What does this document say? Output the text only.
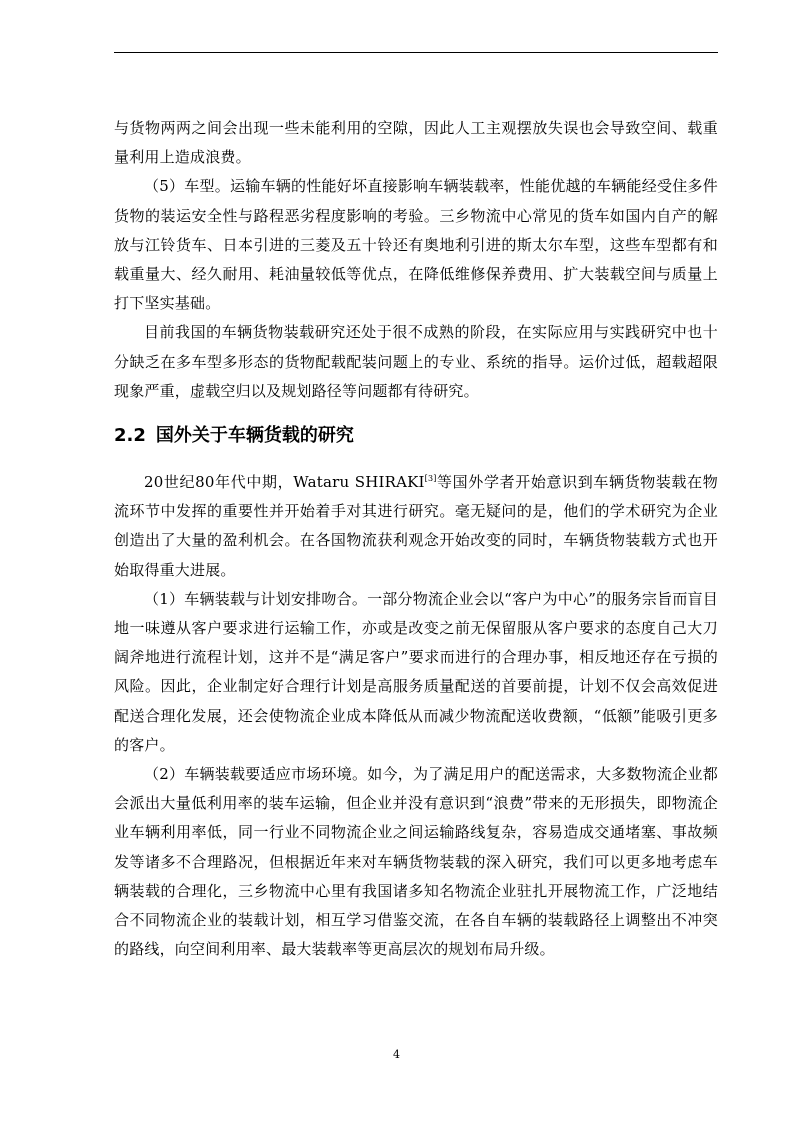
与货物两两之间会出现一些未能利用的空隙，因此人工主观摆放失误也会导致空间、载重量利用上造成浪费。

（5）车型。运输车辆的性能好坏直接影响车辆装载率，性能优越的车辆能经受住多件货物的装运安全性与路程恶劣程度影响的考验。三乡物流中心常见的货车如国内自产的解放与江铃货车、日本引进的三菱及五十铃还有奥地利引进的斯太尔车型，这些车型都有和载重量大、经久耐用、耗油量较低等优点，在降低维修保养费用、扩大装载空间与质量上打下坚实基础。

目前我国的车辆货物装载研究还处于很不成熟的阶段，在实际应用与实践研究中也十分缺乏在多车型多形态的货物配载配装问题上的专业、系统的指导。运价过低，超载超限现象严重，虚载空归以及规划路径等问题都有待研究。

2.2 国外关于车辆货载的研究

20世纪80年代中期，Wataru SHIRAKI[3]等国外学者开始意识到车辆货物装载在物流环节中发挥的重要性并开始着手对其进行研究。毫无疑问的是，他们的学术研究为企业创造出了大量的盈利机会。在各国物流获利观念开始改变的同时，车辆货物装载方式也开始取得重大进展。

（1）车辆装载与计划安排吻合。一部分物流企业会以“客户为中心”的服务宗旨而盲目地一味遵从客户要求进行运输工作，亦或是改变之前无保留服从客户要求的态度自己大刀阔斧地进行流程计划，这并不是“满足客户”要求而进行的合理办事，相反地还存在亏损的风险。因此，企业制定好合理行计划是高服务质量配送的首要前提，计划不仅会高效促进配送合理化发展，还会使物流企业成本降低从而减少物流配送收费额，“低额”能吸引更多的客户。

（2）车辆装载要适应市场环境。如今，为了满足用户的配送需求，大多数物流企业都会派出大量低利用率的装车运输，但企业并没有意识到“浪费”带来的无形损失，即物流企业车辆利用率低，同一行业不同物流企业之间运输路线复杂，容易造成交通堵塞、事故频发等诸多不合理路况，但根据近年来对车辆货物装载的深入研究，我们可以更多地考虑车辆装载的合理化，三乡物流中心里有我国诸多知名物流企业驻扎开展物流工作，广泛地结合不同物流企业的装载计划，相互学习借鉴交流，在各自车辆的装载路径上调整出不冲突的路线，向空间利用率、最大装载率等更高层次的规划布局升级。

4
